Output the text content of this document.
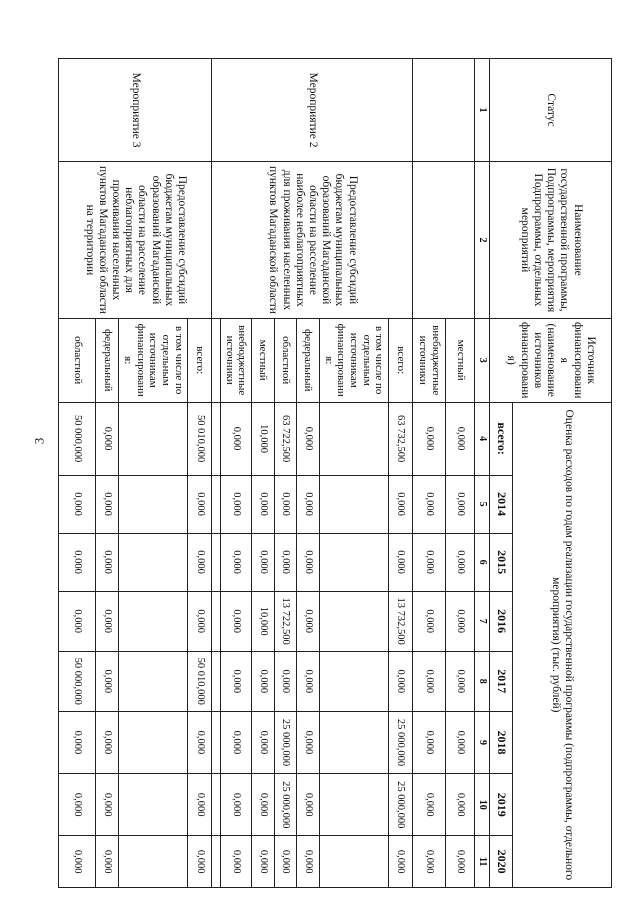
3
Статус	Наименование государственной программы, Подпрограммы, мероприятия Подпрограммы, отдельных мероприятий	Источник финансирования (наименование источников финансирования)	Оценка расходов по годам реализации государственной программы (подпрограммы, отдельного мероприятия) (тыс. рублей)							
			всего:	2014	2015	2016	2017	2018	2019	2020
1	2	3	4	5	6	7	8	9	10	11
		местный	0,000	0,000	0,000	0,000	0,000	0,000	0,000	0,000
		внебюджетные источники	0,000	0,000	0,000	0,000	0,000	0,000	0,000	0,000
Мероприятие 2	Предоставление субсидий бюджетам муниципальных образований Магаданской области на расселение наиболее неблагоприятных для проживания населенных пунктов Магаданской области	всего:	63 732,500	0,000	0,000	13 732,500	0,000	25 000,000	25 000,000	0,000
		в том числе по отдельным источникам финансирования:								
		федеральный	0,000	0,000	0,000	0,000	0,000	0,000	0,000	0,000
		областной	63 722,500	0,000	0,000	13 722,500	0,000	25 000,000	25 000,000	0,000
		местный	10,000	0,000	0,000	10,000	0,000	0,000	0,000	0,000
		внебюджетные источники	0,000	0,000	0,000	0,000	0,000	0,000	0,000	0,000

Мероприятие 3	Предоставление субсидий бюджетам муниципальных образований Магаданской области на расселение неблагоприятных для проживания населенных пунктов Магаданской области на территории	всего:	50 010,000	0,000	0,000	0,000	50 010,000	0,000	0,000	0,000
		в том числе по отдельным источникам финансирования:								
		федеральный	0,000	0,000	0,000	0,000	0,000	0,000	0,000	0,000
		областной	50 000,000	0,000	0,000	0,000	50 000,000	0,000	0,000	0,000
